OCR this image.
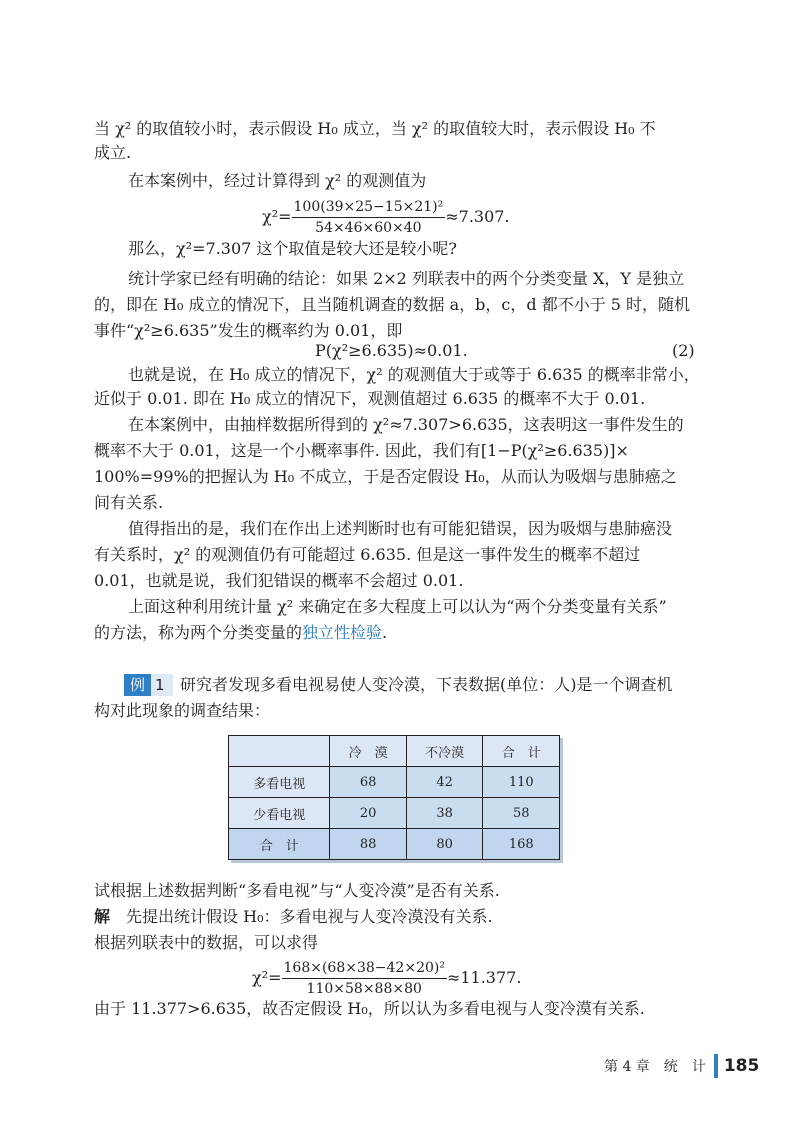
当 χ² 的取值较小时，表示假设 H₀ 成立，当 χ² 的取值较大时，表示假设 H₀ 不
成立.
在本案例中，经过计算得到 χ² 的观测值为
$\chi^2= \frac{\text{100(39×25−15×21)²}}{54\times 46\times 60\times 40} \approx 7.307$.
那么，χ²=7.307 这个取值是较大还是较小呢?
统计学家已经有明确的结论：如果 2×2 列联表中的两个分类变量 X，Y 是独立
的，即在 H₀ 成立的情况下，且当随机调查的数据 a，b，c，d 都不小于 5 时，随机
事件“χ²≥6.635”发生的概率约为 0.01，即
P(χ²≥6.635)≈0.01.	(2)
也就是说，在 H₀ 成立的情况下，χ² 的观测值大于或等于 6.635 的概率非常小，
近似于 0.01. 即在 H₀ 成立的情况下，观测值超过 6.635 的概率不大于 0.01.
在本案例中，由抽样数据所得到的 χ²≈7.307>6.635，这表明这一事件发生的
概率不大于 0.01，这是一个小概率事件. 因此，我们有[1−P(χ²≥6.635)]×
100%=99%的把握认为 H₀ 不成立，于是否定假设 H₀，从而认为吸烟与患肺癌之
间有关系.
值得指出的是，我们在作出上述判断时也有可能犯错误，因为吸烟与患肺癌没
有关系时，χ² 的观测值仍有可能超过 6.635. 但是这一事件发生的概率不超过
0.01，也就是说，我们犯错误的概率不会超过 0.01.
上面这种利用统计量 χ² 来确定在多大程度上可以认为“两个分类变量有关系”
的方法，称为两个分类变量的独立性检验.
例 1 研究者发现多看电视易使人变冷漠，下表数据(单位：人)是一个调查机
构对此现象的调查结果：
	冷　漠	不冷漠	合　计
多看电视	68	42	110
少看电视	20	38	58
合　计	88	80	168
试根据上述数据判断“多看电视”与“人变冷漠”是否有关系.
解　 先提出统计假设 H₀：多看电视与人变冷漠没有关系.
根据列联表中的数据，可以求得
$\chi^2= \frac{\text{168×(68×38−42×20)²}}{110\times 58\times 88\times 80} \approx 11.377$.
由于 11.377>6.635，故否定假设 H₀，所以认为多看电视与人变冷漠有关系.
第 4 章　统　计 185
